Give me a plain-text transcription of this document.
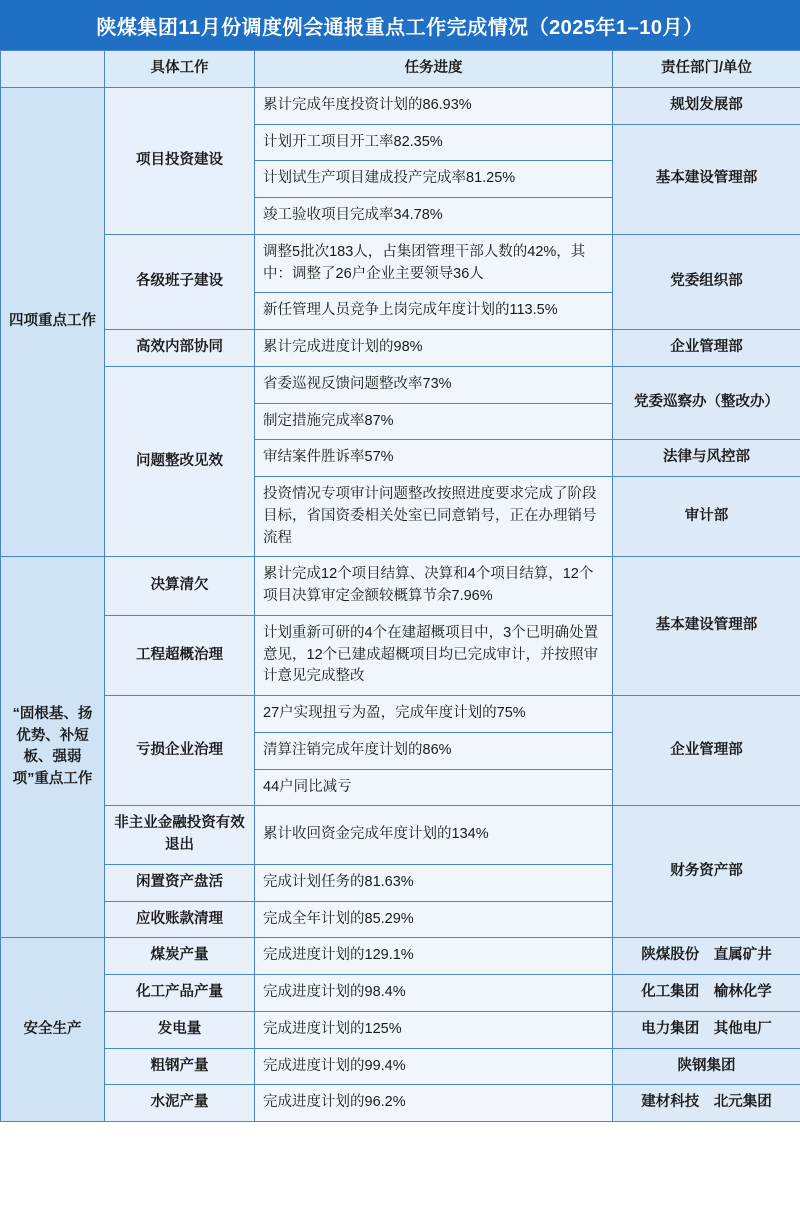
陕煤集团11月份调度例会通报重点工作完成情况（2025年1–10月）
	具体工作	任务进度	责任部门/单位
四项重点工作	项目投资建设	累计完成年度投资计划的86.93%	规划发展部
		计划开工项目开工率82.35%	基本建设管理部
		计划试生产项目建成投产完成率81.25%	
		竣工验收项目完成率34.78%	
	各级班子建设	调整5批次183人，占集团管理干部人数的42%，其中：调整了26户企业主要领导36人	党委组织部
		新任管理人员竞争上岗完成年度计划的113.5%	
	高效内部协同	累计完成进度计划的98%	企业管理部
	问题整改见效	省委巡视反馈问题整改率73%	党委巡察办（整改办）
		制定措施完成率87%	
		审结案件胜诉率57%	法律与风控部
		投资情况专项审计问题整改按照进度要求完成了阶段目标，省国资委相关处室已同意销号，正在办理销号流程	审计部
“固根基、扬优势、补短板、强弱项”重点工作	决算清欠	累计完成12个项目结算、决算和4个项目结算，12个项目决算审定金额较概算节余7.96%	基本建设管理部
	工程超概治理	计划重新可研的4个在建超概项目中，3个已明确处置意见，12个已建成超概项目均已完成审计，并按照审计意见完成整改	
	亏损企业治理	27户实现扭亏为盈，完成年度计划的75%	企业管理部
		清算注销完成年度计划的86%	
		44户同比减亏	
	非主业金融投资有效退出	累计收回资金完成年度计划的134%	财务资产部
	闲置资产盘活	完成计划任务的81.63%	
	应收账款清理	完成全年计划的85.29%	
安全生产	煤炭产量	完成进度计划的129.1%	陕煤股份　直属矿井
	化工产品产量	完成进度计划的98.4%	化工集团　榆林化学
	发电量	完成进度计划的125%	电力集团　其他电厂
	粗钢产量	完成进度计划的99.4%	陕钢集团
	水泥产量	完成进度计划的96.2%	建材科技　北元集团
